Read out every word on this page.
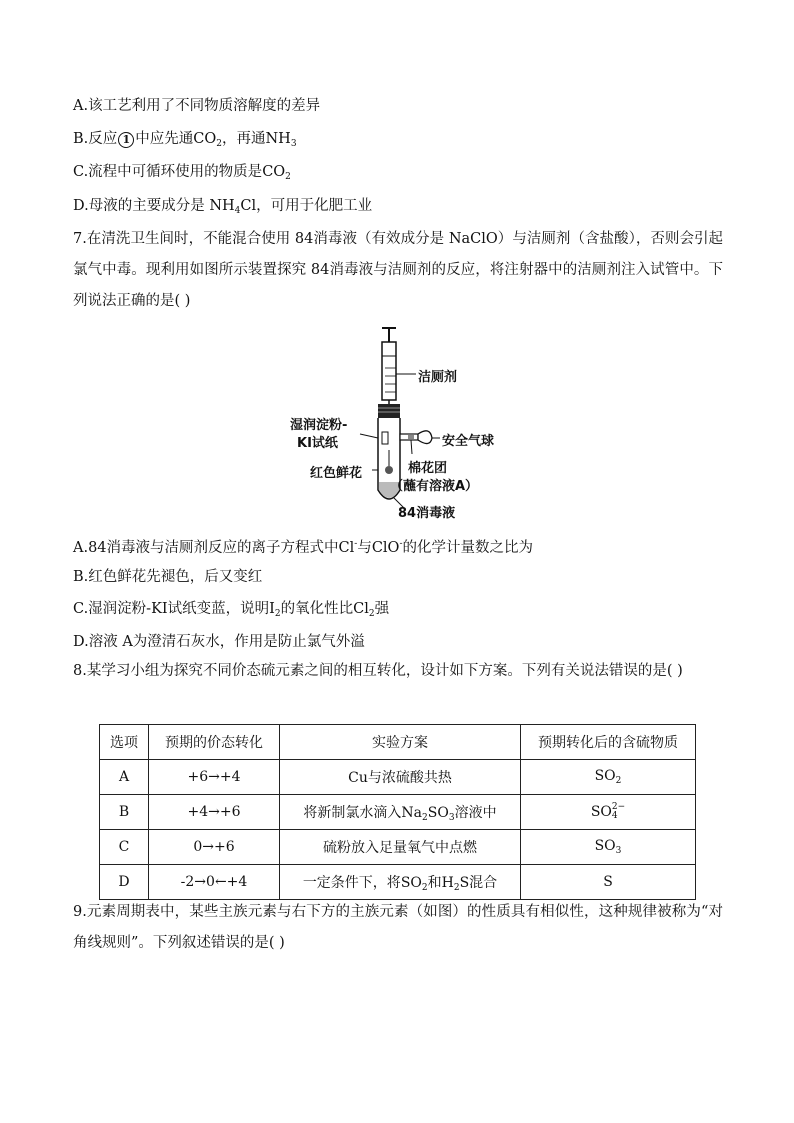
A.该工艺利用了不同物质溶解度的差异
B.反应 1 中应先通$CO_2$，再通$NH_3$
C.流程中可循环使用的物质是$CO_2$
D.母液的主要成分是 $NH_4Cl$，可用于化肥工业
7.在清洗卫生间时，不能混合使用 84消毒液（有效成分是 NaClO）与洁厕剂（含盐酸），否则会引起氯气中毒。现利用如图所示装置探究 84消毒液与洁厕剂的反应，将注射器中的洁厕剂注入试管中。下列说法正确的是( )
洁厕剂
湿润淀粉-
KI试纸	安全气球
红色鲜花	棉花团
（蘸有溶液A）
84消毒液
A.84消毒液与洁厕剂反应的离子方程式中Cl-与ClO-的化学计量数之比为
B.红色鲜花先褪色，后又变红
C.湿润淀粉-KI试纸变蓝，说明$I_2$的氧化性比$Cl_2$强
D.溶液 A为澄清石灰水，作用是防止氯气外溢
8.某学习小组为探究不同价态硫元素之间的相互转化，设计如下方案。下列有关说法错误的是( )
选项	预期的价态转化	实验方案	预期转化后的含硫物质
A	+6→+4	Cu与浓硫酸共热	$SO_2$
B	+4→+6	将新制氯水滴入$Na_2SO_3$溶液中	SO 2−
4

C	0→+6	硫粉放入足量氧气中点燃	$SO_3$
D	-2→0←+4	一定条件下，将$SO_2$和$H_2S$混合	S
9.元素周期表中，某些主族元素与右下方的主族元素（如图）的性质具有相似性，这种规律被称为“对角线规则”。下列叙述错误的是( )
